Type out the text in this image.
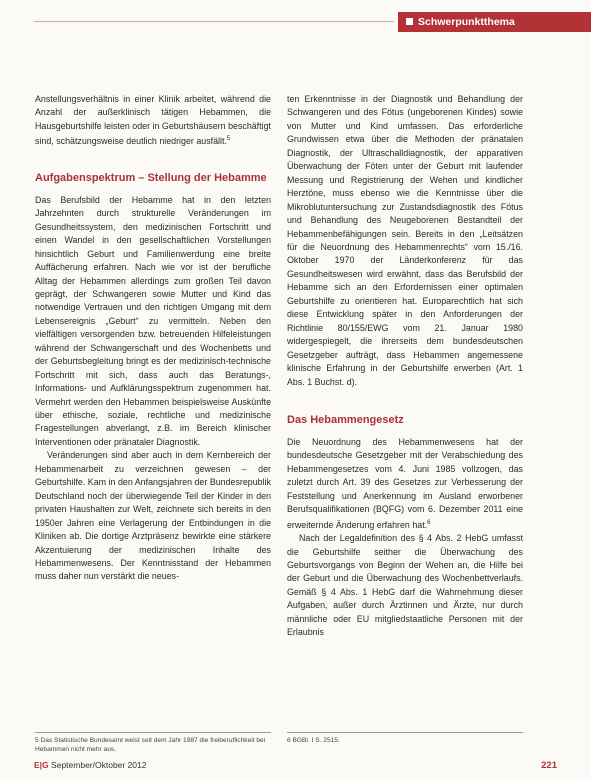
Schwerpunktthema

Anstellungsverhältnis in einer Klinik arbeitet, während die Anzahl der außerklinisch tätigen Hebammen, die Hausgeburtshilfe leisten oder in Geburtshäusern beschäftigt sind, schätzungsweise deutlich niedriger ausfällt.$^5$

Aufgabenspektrum – Stellung der Hebamme

Das Berufsbild der Hebamme hat in den letzten Jahrzehnten durch strukturelle Veränderungen im Gesundheitssystem, den medizinischen Fortschritt und einen Wandel in den gesellschaftlichen Vorstellungen hinsichtlich Geburt und Familienwerdung eine breite Auffächerung erfahren. Nach wie vor ist der berufliche Alltag der Hebammen allerdings zum großen Teil davon geprägt, der Schwangeren sowie Mutter und Kind das notwendige Vertrauen und den richtigen Umgang mit dem Lebensereignis „Geburt“ zu vermitteln. Neben den vielfältigen versorgenden bzw. betreuenden Hilfeleistungen während der Schwangerschaft und des Wochenbetts und der Geburtsbegleitung bringt es der medizinisch-technische Fortschritt mit sich, dass auch das Beratungs-, Informations- und Aufklärungsspektrum zugenommen hat. Vermehrt werden den Hebammen beispielsweise Auskünfte über ethische, soziale, rechtliche und medizinische Fragestellungen abverlangt, z.B. im Bereich klinischer Interventionen oder pränataler Diagnostik.

Veränderungen sind aber auch in dem Kernbereich der Hebammenarbeit zu verzeichnen gewesen – der Geburtshilfe. Kam in den Anfangsjahren der Bundesrepublik Deutschland noch der überwiegende Teil der Kinder in den privaten Haushalten zur Welt, zeichnete sich bereits in den 1950er Jahren eine Verlagerung der Entbindungen in die Kliniken ab. Die dortige Arztpräsenz bewirkte eine stärkere Akzentuierung der medizinischen Inhalte des Hebammenwesens. Der Kenntnisstand der Hebammen muss daher nun verstärkt die neues-

ten Erkenntnisse in der Diagnostik und Behandlung der Schwangeren und des Fötus (ungeborenen Kindes) sowie von Mutter und Kind umfassen. Das erforderliche Grundwissen etwa über die Methoden der pränatalen Diagnostik, der Ultraschalldiagnostik, der apparativen Überwachung der Föten unter der Geburt mit laufender Messung und Registrierung der Wehen und kindlicher Herztöne, muss ebenso wie die Kenntnisse über die Mikroblutuntersuchung zur Zustandsdiagnostik des Fötus und Behandlung des Neugeborenen Bestandteil der Hebammenbefähigungen sein. Bereits in den „Leitsätzen für die Neuordnung des Hebammenrechts“ vom 15./16. Oktober 1970 der Länderkonferenz für das Gesundheitswesen wird erwähnt, dass das Berufsbild der Hebamme sich an den Erfordernissen einer optimalen Geburtshilfe zu orientieren hat. Europarechtlich hat sich diese Entwicklung später in den Anforderungen der Richtlinie 80/155/EWG vom 21. Januar 1980 widergespiegelt, die ihrerseits dem bundesdeutschen Gesetzgeber aufträgt, dass Hebammen angemessene klinische Erfahrung in der Geburtshilfe erwerben (Art. 1 Abs. 1 Buchst. d).

Das Hebammengesetz

Die Neuordnung des Hebammenwesens hat der bundesdeutsche Gesetzgeber mit der Verabschiedung des Hebammengesetzes vom 4. Juni 1985 vollzogen, das zuletzt durch Art. 39 des Gesetzes zur Verbesserung der Feststellung und Anerkennung im Ausland erworbener Berufsqualifikationen (BQFG) vom 6. Dezember 2011 eine erweiternde Änderung erfahren hat.$^6$

Nach der Legaldefinition des § 4 Abs. 2 HebG umfasst die Geburtshilfe seither die Überwachung des Geburtsvorgangs von Beginn der Wehen an, die Hilfe bei der Geburt und die Überwachung des Wochenbettverlaufs. Gemäß § 4 Abs. 1 HebG darf die Wahrnehmung dieser Aufgaben, außer durch Ärztinnen und Ärzte, nur durch männliche oder EU mitgliedstaatliche Personen mit der Erlaubnis

5 Das Statistische Bundesamt weist seit dem Jahr 1987 die freiberuflichkeit bei Hebammen nicht mehr aus.
6 BGBl. I S. 2515.
E|G September/Oktober 2012	221
